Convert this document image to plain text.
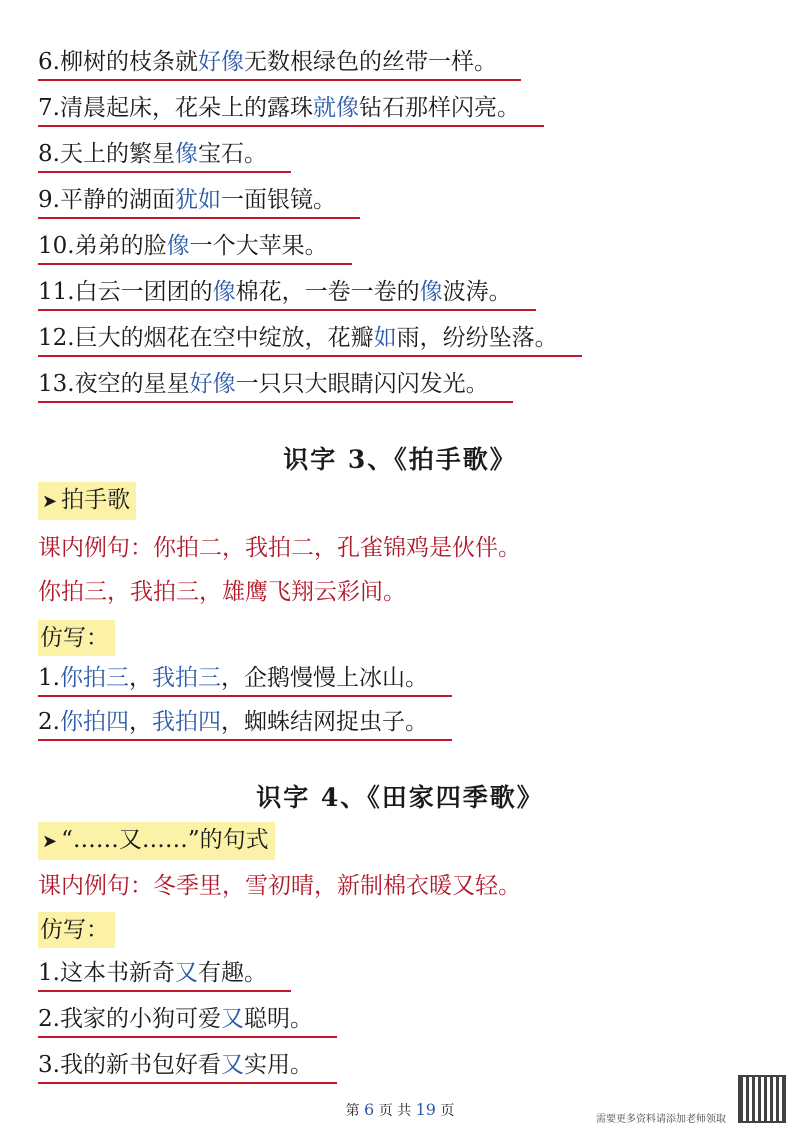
6.柳树的枝条就好像无数根绿色的丝带一样。
7.清晨起床，花朵上的露珠就像钻石那样闪亮。
8.天上的繁星像宝石。
9.平静的湖面犹如一面银镜。
10.弟弟的脸像一个大苹果。
11.白云一团团的像棉花，一卷一卷的像波涛。
12.巨大的烟花在空中绽放，花瓣如雨，纷纷坠落。
13.夜空的星星好像一只只大眼睛闪闪发光。
识字 3、《拍手歌》
➤ 拍手歌
课内例句：你拍二，我拍二，孔雀锦鸡是伙伴。
你拍三，我拍三，雄鹰飞翔云彩间。
仿写：
1.你拍三，我拍三，企鹅慢慢上冰山。
2.你拍四，我拍四，蜘蛛结网捉虫子。
识字 4、《田家四季歌》
➤ “……又……”的句式
课内例句：冬季里，雪初晴，新制棉衣暖又轻。
仿写：
1.这本书新奇又有趣。
2.我家的小狗可爱又聪明。
3.我的新书包好看又实用。
第 6 页 共 19 页
需要更多资料请添加老师领取
